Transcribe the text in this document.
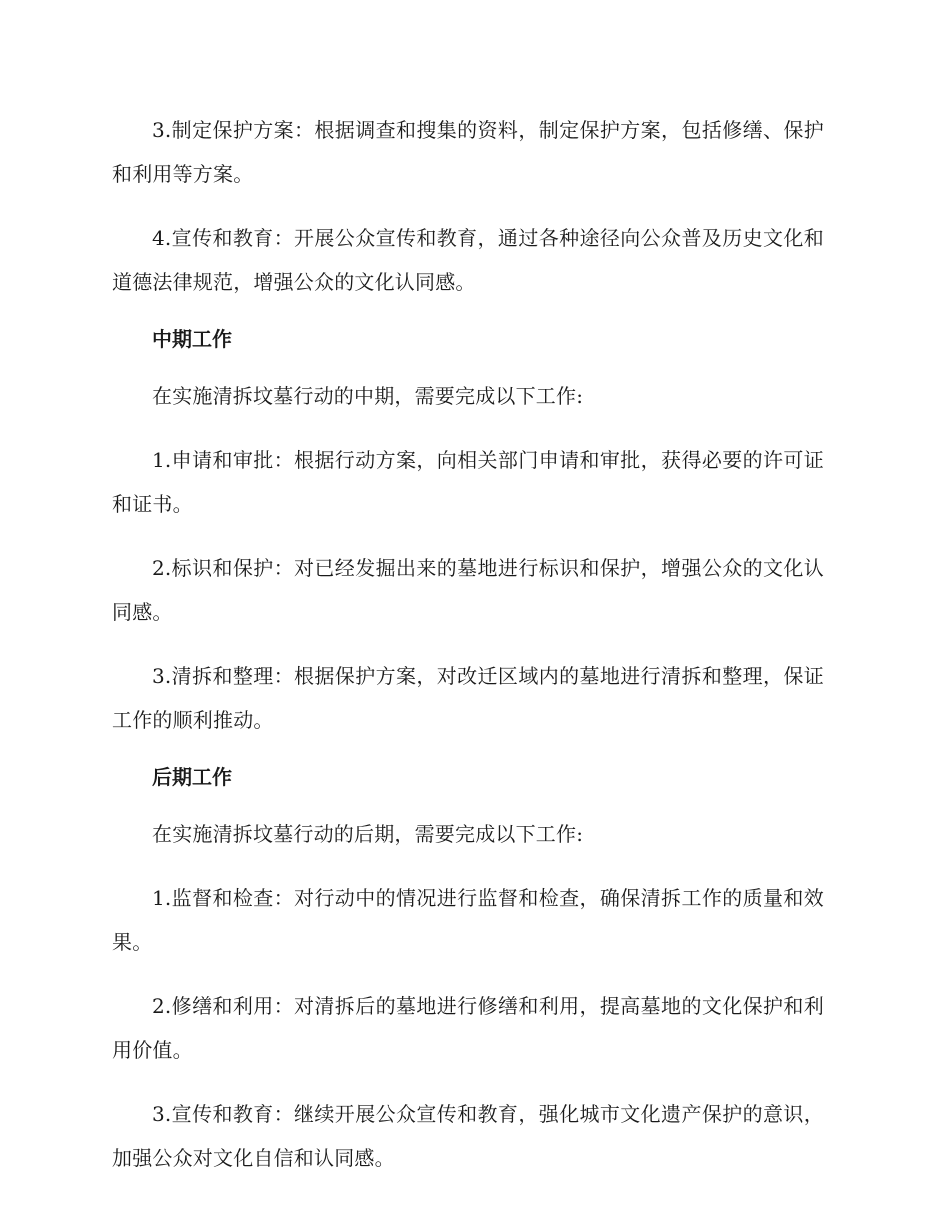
3.制定保护方案：根据调查和搜集的资料，制定保护方案，包括修缮、保护和利用等方案。

4.宣传和教育：开展公众宣传和教育，通过各种途径向公众普及历史文化和道德法律规范，增强公众的文化认同感。

中期工作

在实施清拆坟墓行动的中期，需要完成以下工作:

1.申请和审批：根据行动方案，向相关部门申请和审批，获得必要的许可证和证书。

2.标识和保护：对已经发掘出来的墓地进行标识和保护，增强公众的文化认同感。

3.清拆和整理：根据保护方案，对改迁区域内的墓地进行清拆和整理，保证工作的顺利推动。

后期工作

在实施清拆坟墓行动的后期，需要完成以下工作:

1.监督和检查：对行动中的情况进行监督和检查，确保清拆工作的质量和效果。

2.修缮和利用：对清拆后的墓地进行修缮和利用，提高墓地的文化保护和利用价值。

3.宣传和教育：继续开展公众宣传和教育，强化城市文化遗产保护的意识，加强公众对文化自信和认同感。
